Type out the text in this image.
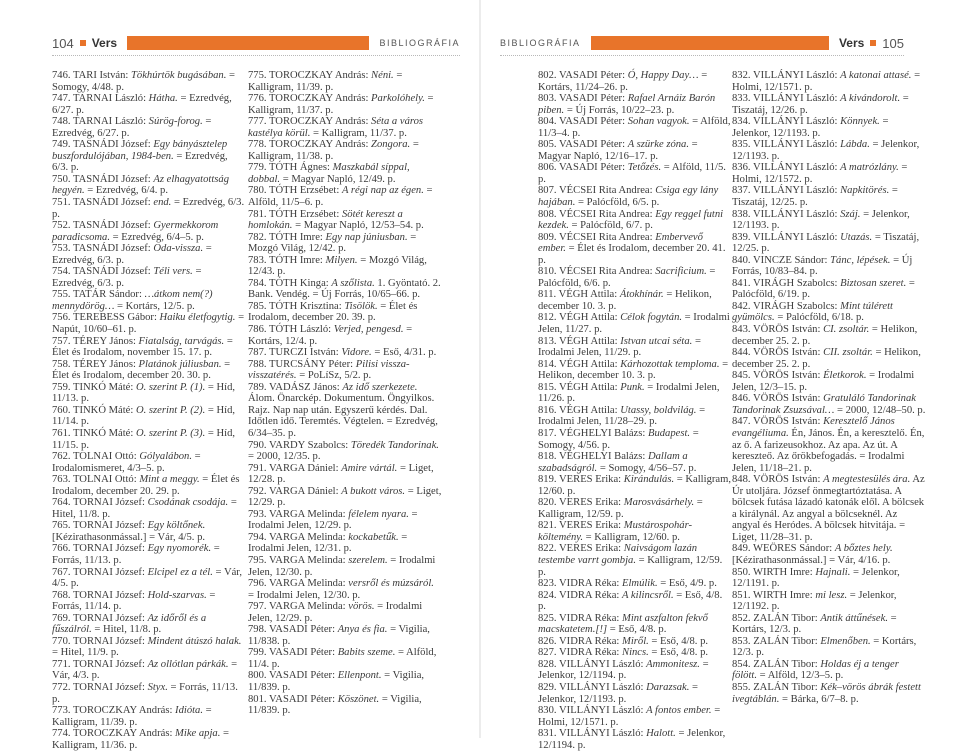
104 Vers	BIBLIOGRÁFIA

746. TARI István: Tökhúrtök bugásában. = Somogy, 4/48. p.

747. TARNAI László: Hátha. = Ezredvég, 6/27. p.

748. TARNAI László: Súrög-forog. = Ezredvég, 6/27. p.

749. TASNÁDI József: Egy bányásztelep buszfordulójában, 1984-ben. = Ezredvég, 6/3. p.

750. TASNÁDI József: Az elhagyatottság hegyén. = Ezredvég, 6/4. p.

751. TASNÁDI József: end. = Ezredvég, 6/3. p.

752. TASNÁDI József: Gyermekkorom paradicsoma. = Ezredvég, 6/4–5. p.

753. TASNÁDI József: Oda-vissza. = Ezredvég, 6/3. p.

754. TASNÁDI József: Téli vers. = Ezredvég, 6/3. p.

755. TATÁR Sándor: …átkom nem(?) mennydörög… = Kortárs, 12/5. p.

756. TEREBESS Gábor: Haiku életfogytig. = Napút, 10/60–61. p.

757. TÉREY János: Fiatalság, tarvágás. = Élet és Irodalom, november 15. 17. p.

758. TÉREY János: Platánok júliusban. = Élet és Irodalom, december 20. 30. p.

759. TINKÓ Máté: O. szerint P. (1). = Híd, 11/13. p.

760. TINKÓ Máté: O. szerint P. (2). = Híd, 11/14. p.

761. TINKÓ Máté: O. szerint P. (3). = Híd, 11/15. p.

762. TOLNAI Ottó: Gólyalábon. = Irodalomismeret, 4/3–5. p.

763. TOLNAI Ottó: Mint a meggy. = Élet és Irodalom, december 20. 29. p.

764. TORNAI József: Csodának csodája. = Hitel, 11/8. p.

765. TORNAI József: Egy költőnek. [Kézirathasonmással.] = Vár, 4/5. p.

766. TORNAI József: Egy nyomorék. = Forrás, 11/13. p.

767. TORNAI József: Elcipel ez a tél. = Vár, 4/5. p.

768. TORNAI József: Hold-szarvas. = Forrás, 11/14. p.

769. TORNAI József: Az időről és a fűszálról. = Hitel, 11/8. p.

770. TORNAI József: Mindent átúszó halak. = Hitel, 11/9. p.

771. TORNAI József: Az ollótlan párkák. = Vár, 4/3. p.

772. TORNAI József: Styx. = Forrás, 11/13. p.

773. TOROCZKAY András: Idióta. = Kalligram, 11/39. p.

774. TOROCZKAY András: Mike apja. = Kalligram, 11/36. p.

775. TOROCZKAY András: Néni. = Kalligram, 11/39. p.

776. TOROCZKAY András: Parkolóhely. = Kalligram, 11/37. p.

777. TOROCZKAY András: Séta a város kastélya körül. = Kalligram, 11/37. p.

778. TOROCZKAY András: Zongora. = Kalligram, 11/38. p.

779. TÓTH Ágnes: Maszkabál síppal, dobbal. = Magyar Napló, 12/49. p.

780. TÓTH Erzsébet: A régi nap az égen. = Alföld, 11/5–6. p.

781. TÓTH Erzsébet: Sötét kereszt a homlokán. = Magyar Napló, 12/53–54. p.

782. TÓTH Imre: Egy nap júniusban. = Mozgó Világ, 12/42. p.

783. TÓTH Imre: Milyen. = Mozgó Világ, 12/43. p.

784. TÓTH Kinga: A szőlista. 1. Gyöntató. 2. Bank. Vendég. = Új Forrás, 10/65–66. p.

785. TÓTH Krisztina: Tisölök. = Élet és Irodalom, december 20. 39. p.

786. TÓTH László: Verjed, pengesd. = Kortárs, 12/4. p.

787. TURCZI István: Vidore. = Eső, 4/31. p.

788. TURCSÁNY Péter: Pilisi vissza-visszatérés. = PoLíSz, 5/2. p.

789. VADÁSZ János: Az idő szerkezete. Álom. Önarckép. Dokumentum. Öngyilkos. Rajz. Nap nap után. Egyszerű kérdés. Dal. Időtlen idő. Teremtés. Végtelen. = Ezredvég, 6/34–35. p.

790. VARDY Szabolcs: Töredék Tandorinak. = 2000, 12/35. p.

791. VARGA Dániel: Amire vártál. = Liget, 12/28. p.

792. VARGA Dániel: A bukott város. = Liget, 12/29. p.

793. VARGA Melinda: félelem nyara. = Irodalmi Jelen, 12/29. p.

794. VARGA Melinda: kockabetűk. = Irodalmi Jelen, 12/31. p.

795. VARGA Melinda: szerelem. = Irodalmi Jelen, 12/30. p.

796. VARGA Melinda: versről és múzsáról. = Irodalmi Jelen, 12/30. p.

797. VARGA Melinda: vörös. = Irodalmi Jelen, 12/29. p.

798. VASADI Péter: Anya és fia. = Vigilia, 11/838. p.

799. VASADI Péter: Babits szeme. = Alföld, 11/4. p.

800. VASADI Péter: Ellenpont. = Vigilia, 11/839. p.

801. VASADI Péter: Köszönet. = Vigilia, 11/839. p.

BIBLIOGRÁFIA	Vers 105

802. VASADI Péter: Ó, Happy Day… = Kortárs, 11/24–26. p.

803. VASADI Péter: Rafael Arnáiz Barón piben. = Új Forrás, 10/22–23. p.

804. VASADI Péter: Sohan vagyok. = Alföld, 11/3–4. p.

805. VASADI Péter: A szürke zóna. = Magyar Napló, 12/16–17. p.

806. VASADI Péter: Tetőzés. = Alföld, 11/5. p.

807. VÉCSEI Rita Andrea: Csiga egy lány hajában. = Palócföld, 6/5. p.

808. VÉCSEI Rita Andrea: Egy reggel futni kezdek. = Palócföld, 6/7. p.

809. VÉCSEI Rita Andrea: Embervevő ember. = Élet és Irodalom, december 20. 41. p.

810. VÉCSEI Rita Andrea: Sacrificium. = Palócföld, 6/6. p.

811. VÉGH Attila: Átokhínár. = Helikon, december 10. 3. p.

812. VÉGH Attila: Célok fogytán. = Irodalmi Jelen, 11/27. p.

813. VÉGH Attila: Istvan utcai séta. = Irodalmi Jelen, 11/29. p.

814. VÉGH Attila: Kárhozottak temploma. = Helikon, december 10. 3. p.

815. VÉGH Attila: Punk. = Irodalmi Jelen, 11/26. p.

816. VÉGH Attila: Utassy, boldvilág. = Irodalmi Jelen, 11/28–29. p.

817. VÉGHELYI Balázs: Budapest. = Somogy, 4/56. p.

818. VÉGHELYI Balázs: Dallam a szabadságról. = Somogy, 4/56–57. p.

819. VERES Erika: Kirándulás. = Kalligram, 12/60. p.

820. VERES Erika: Marosvásárhely. = Kalligram, 12/59. p.

821. VERES Erika: Mustárospohár-költemény. = Kalligram, 12/60. p.

822. VERES Erika: Naivságom lazán testembe varrt gombja. = Kalligram, 12/59. p.

823. VIDRA Réka: Elmúlik. = Eső, 4/9. p.

824. VIDRA Réka: A kilincsről. = Eső, 4/8. p.

825. VIDRA Réka: Mint aszfalton fekvő macskatetem.[!] = Eső, 4/8. p.

826. VIDRA Réka: Miről. = Eső, 4/8. p.

827. VIDRA Réka: Nincs. = Eső, 4/8. p.

828. VILLÁNYI László: Ammonitesz. = Jelenkor, 12/1194. p.

829. VILLÁNYI László: Darazsak. = Jelenkor, 12/1193. p.

830. VILLÁNYI László: A fontos ember. = Holmi, 12/1571. p.

831. VILLÁNYI László: Halott. = Jelenkor, 12/1194. p.

832. VILLÁNYI László: A katonai attasé. = Holmi, 12/1571. p.

833. VILLÁNYI László: A kivándorolt. = Tiszatáj, 12/26. p.

834. VILLÁNYI László: Könnyek. = Jelenkor, 12/1193. p.

835. VILLÁNYI László: Lábda. = Jelenkor, 12/1193. p.

836. VILLÁNYI László: A matrózlány. = Holmi, 12/1572. p.

837. VILLÁNYI László: Napkitörés. = Tiszatáj, 12/25. p.

838. VILLÁNYI László: Száj. = Jelenkor, 12/1193. p.

839. VILLÁNYI László: Utazás. = Tiszatáj, 12/25. p.

840. VINCZE Sándor: Tánc, lépések. = Új Forrás, 10/83–84. p.

841. VIRÁGH Szabolcs: Biztosan szeret. = Palócföld, 6/19. p.

842. VIRÁGH Szabolcs: Mint túlérett gyümölcs. = Palócföld, 6/18. p.

843. VÖRÖS István: CI. zsoltár. = Helikon, december 25. 2. p.

844. VÖRÖS István: CII. zsoltár. = Helikon, december 25. 2. p.

845. VÖRÖS István: Életkorok. = Irodalmi Jelen, 12/3–15. p.

846. VÖRÖS István: Gratuláló Tandorinak Tandorinak Zsuzsával… = 2000, 12/48–50. p.

847. VÖRÖS István: Keresztelő János evangéliuma. Én, János. Én, a keresztelő. Én, az ő. A farizeusokhoz. Az apa. Az út. A kereszteő. Az őrökbefogadás. = Irodalmi Jelen, 11/18–21. p.

848. VÖRÖS István: A megtestesülés ára. Az Úr utoljára. József önmegtartóztatása. A bölcsek futása lázadó katonák elől. A bölcsek a királynál. Az angyal a bölcseknél. Az angyal és Heródes. A bölcsek hitvitája. = Liget, 11/28–31. p.

849. WEÖRES Sándor: A bőztes hely. [Kézirathasonmással.] = Vár, 4/16. p.

850. WIRTH Imre: Hajnali. = Jelenkor, 12/1191. p.

851. WIRTH Imre: mi lesz. = Jelenkor, 12/1192. p.

852. ZALÁN Tibor: Antik áttűnések. = Kortárs, 12/3. p.

853. ZALÁN Tibor: Elmenőben. = Kortárs, 12/3. p.

854. ZALÁN Tibor: Holdas éj a tenger fölött. = Alföld, 12/3–5. p.

855. ZALÁN Tibor: Kék–vörös ábrák festett ivegtáblán. = Bárka, 6/7–8. p.
